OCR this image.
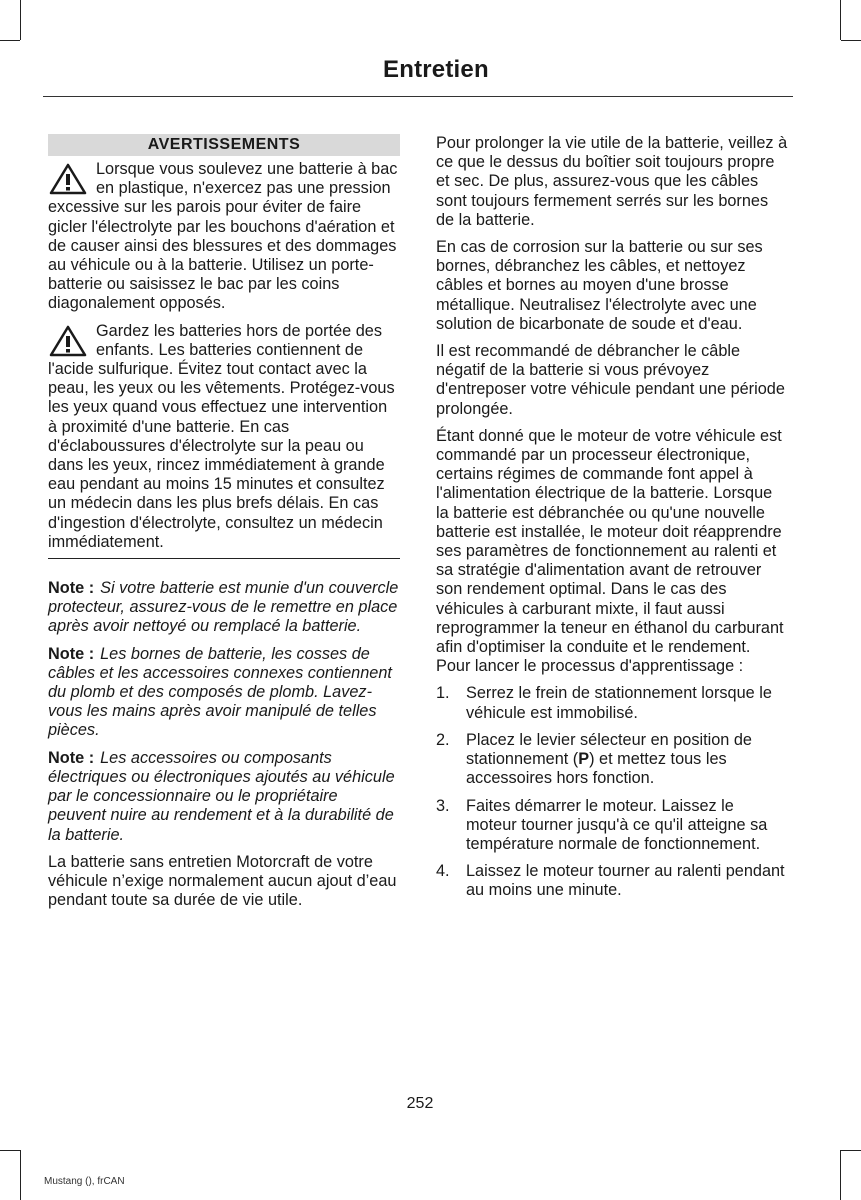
Entretien
AVERTISSEMENTS

Lorsque vous soulevez une batterie à bac en plastique, n'exercez pas une pression excessive sur les parois pour éviter de faire gicler l'électrolyte par les bouchons d'aération et de causer ainsi des blessures et des dommages au véhicule ou à la batterie. Utilisez un porte-batterie ou saisissez le bac par les coins diagonalement opposés.

Gardez les batteries hors de portée des enfants. Les batteries contiennent de l'acide sulfurique. Évitez tout contact avec la peau, les yeux ou les vêtements. Protégez-vous les yeux quand vous effectuez une intervention à proximité d'une batterie. En cas d'éclaboussures d'électrolyte sur la peau ou dans les yeux, rincez immédiatement à grande eau pendant au moins 15 minutes et consultez un médecin dans les plus brefs délais. En cas d'ingestion d'électrolyte, consultez un médecin immédiatement.

Note : Si votre batterie est munie d'un couvercle protecteur, assurez-vous de le remettre en place après avoir nettoyé ou remplacé la batterie.

Note : Les bornes de batterie, les cosses de câbles et les accessoires connexes contiennent du plomb et des composés de plomb. Lavez-vous les mains après avoir manipulé de telles pièces.

Note : Les accessoires ou composants électriques ou électroniques ajoutés au véhicule par le concessionnaire ou le propriétaire peuvent nuire au rendement et à la durabilité de la batterie.

La batterie sans entretien Motorcraft de votre véhicule n’exige normalement aucun ajout d’eau pendant toute sa durée de vie utile.

Pour prolonger la vie utile de la batterie, veillez à ce que le dessus du boîtier soit toujours propre et sec. De plus, assurez-vous que les câbles sont toujours fermement serrés sur les bornes de la batterie.

En cas de corrosion sur la batterie ou sur ses bornes, débranchez les câbles, et nettoyez câbles et bornes au moyen d'une brosse métallique. Neutralisez l'électrolyte avec une solution de bicarbonate de soude et d'eau.

Il est recommandé de débrancher le câble négatif de la batterie si vous prévoyez d'entreposer votre véhicule pendant une période prolongée.

Étant donné que le moteur de votre véhicule est commandé par un processeur électronique, certains régimes de commande font appel à l'alimentation électrique de la batterie. Lorsque la batterie est débranchée ou qu'une nouvelle batterie est installée, le moteur doit réapprendre ses paramètres de fonctionnement au ralenti et sa stratégie d'alimentation avant de retrouver son rendement optimal. Dans le cas des véhicules à carburant mixte, il faut aussi reprogrammer la teneur en éthanol du carburant afin d'optimiser la conduite et le rendement. Pour lancer le processus d'apprentissage :

1. Serrez le frein de stationnement lorsque le véhicule est immobilisé.
2. Placez le levier sélecteur en position de stationnement (P) et mettez tous les accessoires hors fonction.
3. Faites démarrer le moteur. Laissez le moteur tourner jusqu'à ce qu'il atteigne sa température normale de fonctionnement.
4. Laissez le moteur tourner au ralenti pendant au moins une minute.
252
Mustang (), frCAN
